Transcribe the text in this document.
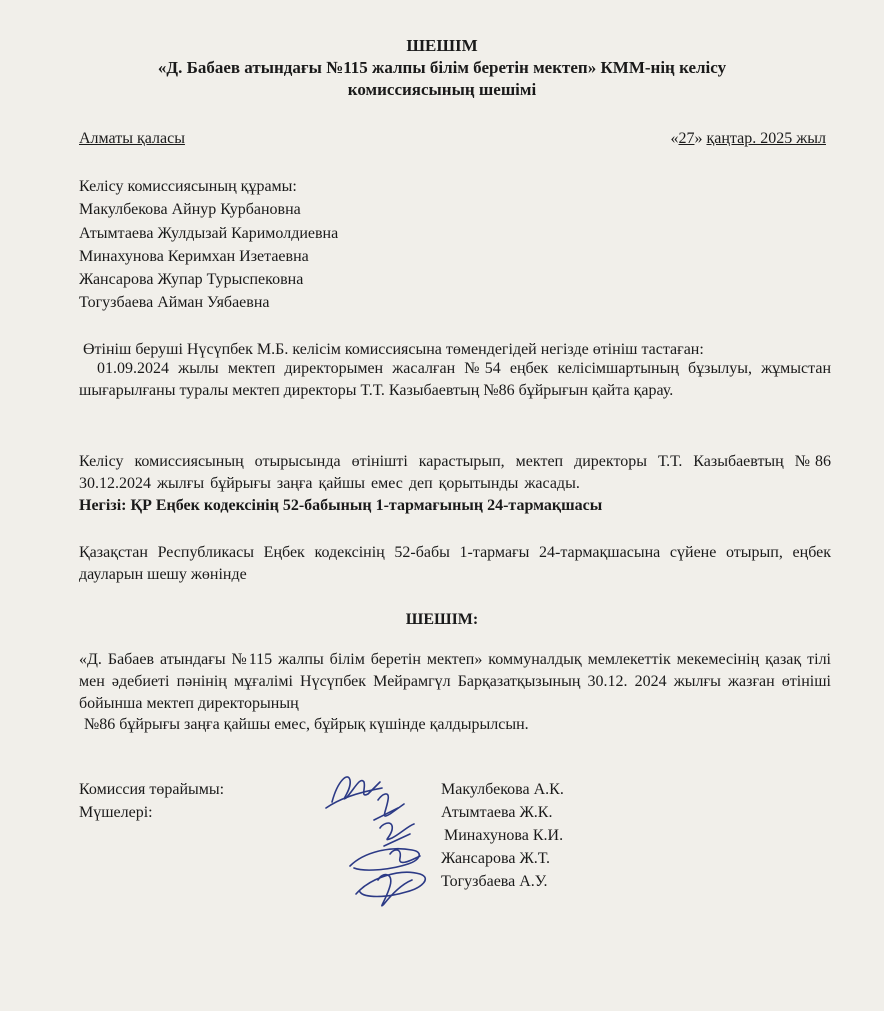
ШЕШІМ
«Д. Бабаев атындағы №115 жалпы білім беретін мектеп» КММ-нің келісу
комиссиясының шешімі
Алматы қаласы	«27» қаңтар. 2025 жыл
Келісу комиссиясының құрамы:
Макулбекова Айнур Курбановна
Атымтаева Жулдызай Каримолдиевна
Минахунова Керимхан Изетаевна
Жансарова Жупар Турыспековна
Тогузбаева Айман Уябаевна
Өтініш беруші Нүсүпбек М.Б. келісім комиссиясына төмендегідей негізде өтініш тастаған:
01.09.2024 жылы мектеп директорымен жасалған №54 еңбек келісімшартының бұзылуы, жұмыстан шығарылғаны туралы мектеп директоры Т.Т. Казыбаевтың №86 бұйрығын қайта қарау.
Келісу комиссиясының отырысында өтінішті карастырып, мектеп директоры Т.Т. Казыбаевтың №86 30.12.2024 жылғы бұйрығы заңға қайшы емес деп қорытынды жасады.
Негізі: ҚР Еңбек кодексінің 52-бабының 1-тармағының 24-тармақшасы
Қазақстан Республикасы Еңбек кодексінің 52-бабы 1-тармағы 24-тармақшасына сүйене отырып, еңбек дауларын шешу жөнінде
ШЕШІМ:
«Д. Бабаев атындағы №115 жалпы білім беретін мектеп» коммуналдық мемлекеттік мекемесінің қазақ тілі мен әдебиеті пәнінің мұғалімі Нүсүпбек Мейрамгүл Барқазатқызының 30.12. 2024 жылғы жазған өтініші бойынша мектеп директорының
№86 бұйрығы заңға қайшы емес, бұйрық күшінде қалдырылсын.
Комиссия төрайымы:
Мүшелері:
Макулбекова А.К.
Атымтаева Ж.К.
Минахунова К.И.
Жансарова Ж.Т.
Тогузбаева А.У.
